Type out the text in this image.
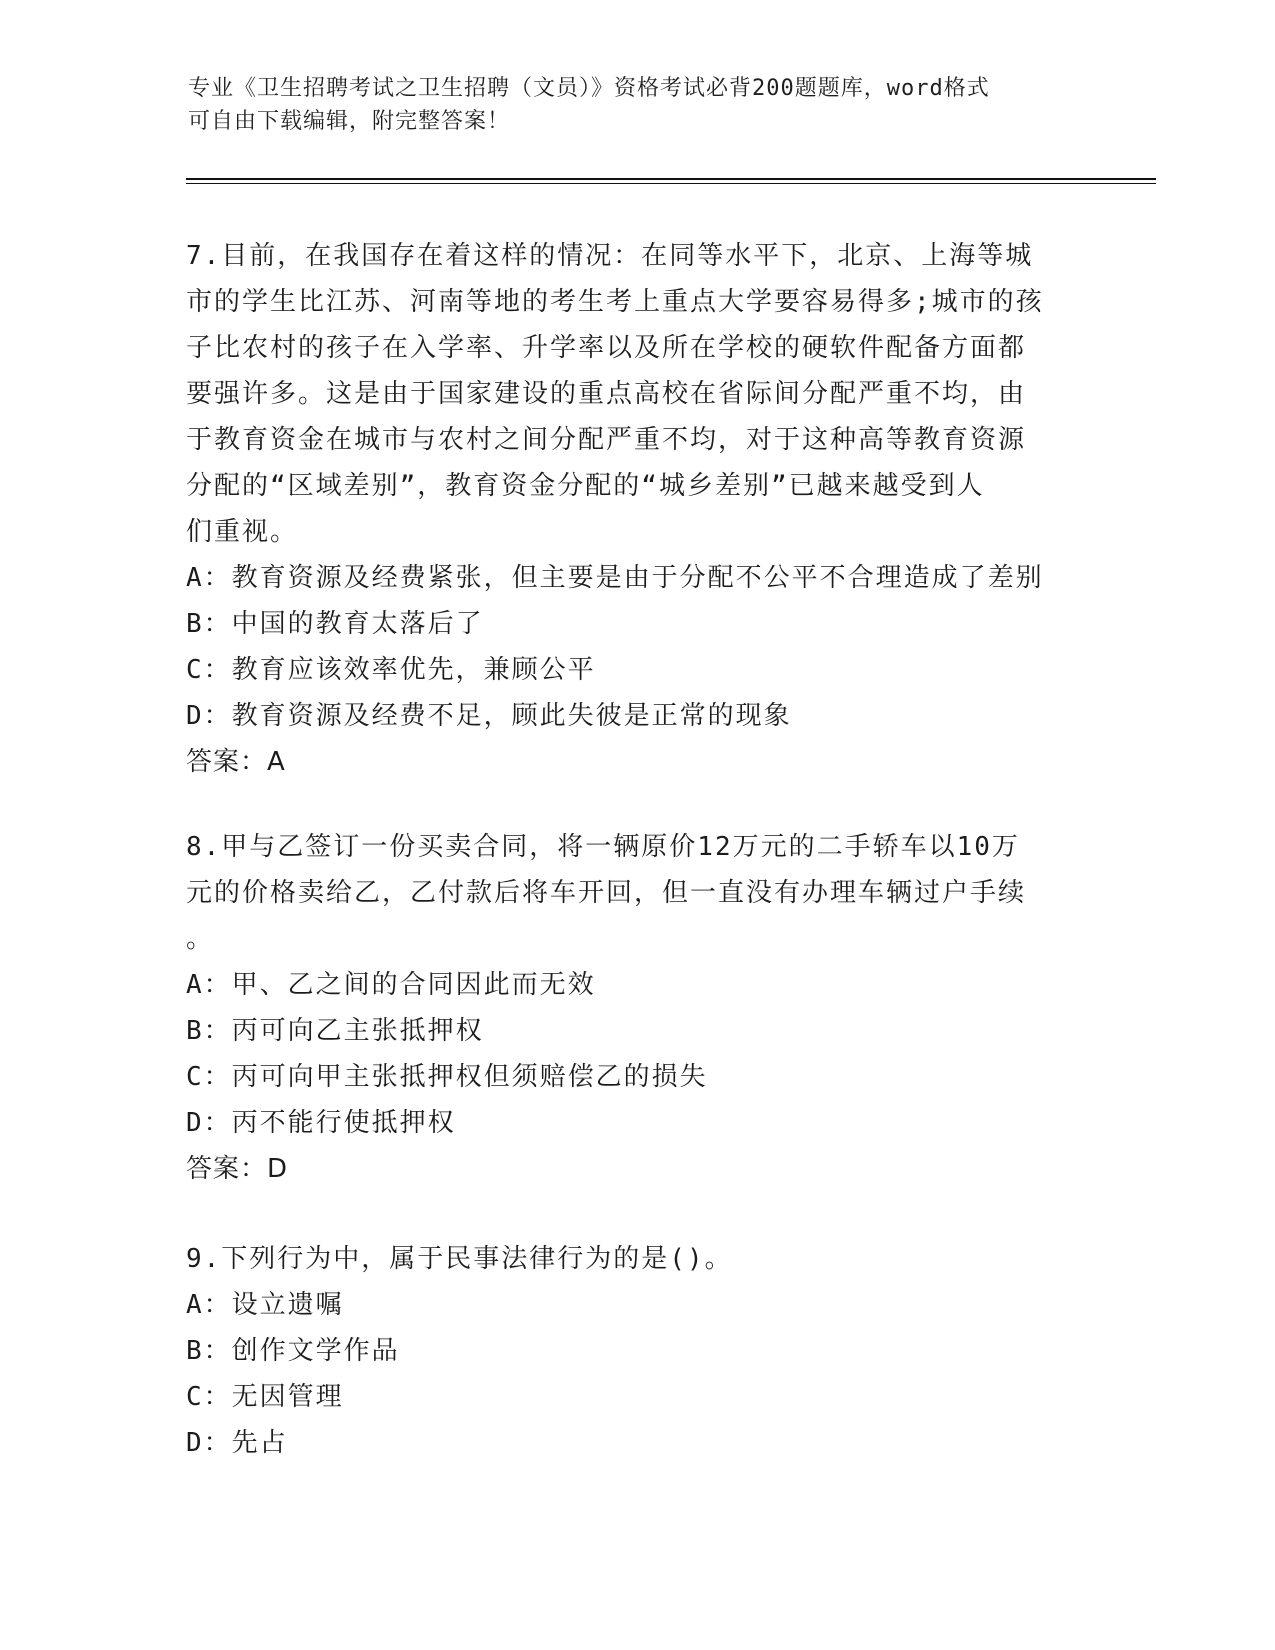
专业《卫生招聘考试之卫生招聘（文员）》资格考试必背200题题库，word格式
可自由下载编辑，附完整答案！
7.目前，在我国存在着这样的情况：在同等水平下，北京、上海等城
市的学生比江苏、河南等地的考生考上重点大学要容易得多;城市的孩
子比农村的孩子在入学率、升学率以及所在学校的硬软件配备方面都
要强许多。这是由于国家建设的重点高校在省际间分配严重不均，由
于教育资金在城市与农村之间分配严重不均，对于这种高等教育资源
分配的“区域差别”，教育资金分配的“城乡差别”已越来越受到人
们重视。
A：教育资源及经费紧张，但主要是由于分配不公平不合理造成了差别
B：中国的教育太落后了
C：教育应该效率优先，兼顾公平
D：教育资源及经费不足，顾此失彼是正常的现象
答案：A
8.甲与乙签订一份买卖合同，将一辆原价12万元的二手轿车以10万
元的价格卖给乙，乙付款后将车开回，但一直没有办理车辆过户手续
。
A：甲、乙之间的合同因此而无效
B：丙可向乙主张抵押权
C：丙可向甲主张抵押权但须赔偿乙的损失
D：丙不能行使抵押权
答案：D
9.下列行为中，属于民事法律行为的是()。
A：设立遗嘱
B：创作文学作品
C：无因管理
D：先占
